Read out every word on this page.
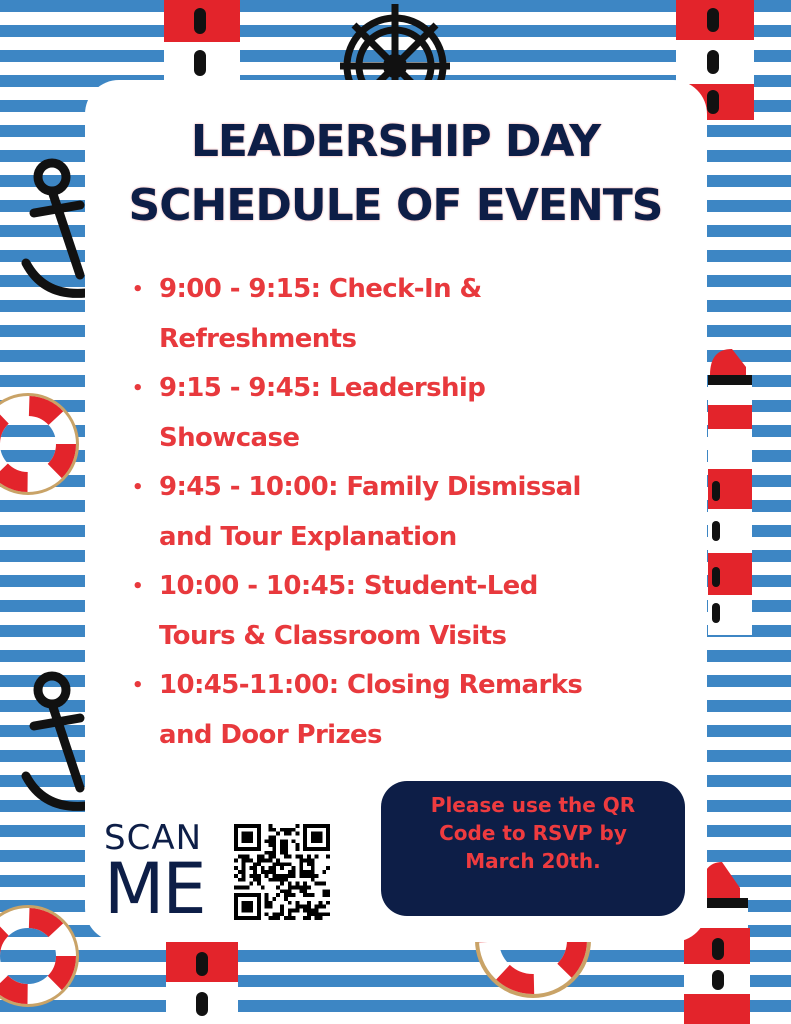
LEADERSHIP DAY
SCHEDULE OF EVENTS
• 9:00 - 9:15: Check-In &
Refreshments
• 9:15 - 9:45: Leadership
Showcase
• 9:45 - 10:00: Family Dismissal
and Tour Explanation
• 10:00 - 10:45: Student-Led
Tours & Classroom Visits
• 10:45-11:00: Closing Remarks
and Door Prizes
SCAN
ME
Please use the QR Code to RSVP by March 20th.
